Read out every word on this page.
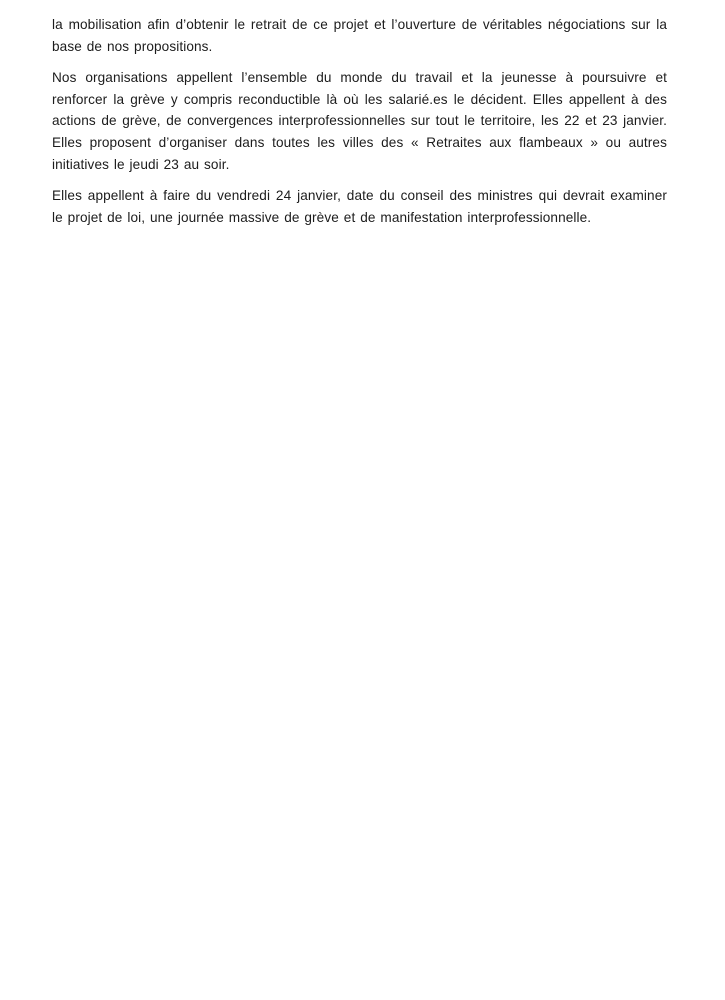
la mobilisation afin d’obtenir le retrait de ce projet et l’ouverture de véritables négociations sur la base de nos propositions.

Nos organisations appellent l’ensemble du monde du travail et la jeunesse à poursuivre et renforcer la grève y compris reconductible là où les salarié.es le décident. Elles appellent à des actions de grève, de convergences interprofessionnelles sur tout le territoire, les 22 et 23 janvier. Elles proposent d’organiser dans toutes les villes des « Retraites aux flambeaux » ou autres initiatives le jeudi 23 au soir.

Elles appellent à faire du vendredi 24 janvier, date du conseil des ministres qui devrait examiner le projet de loi, une journée massive de grève et de manifestation interprofessionnelle.
